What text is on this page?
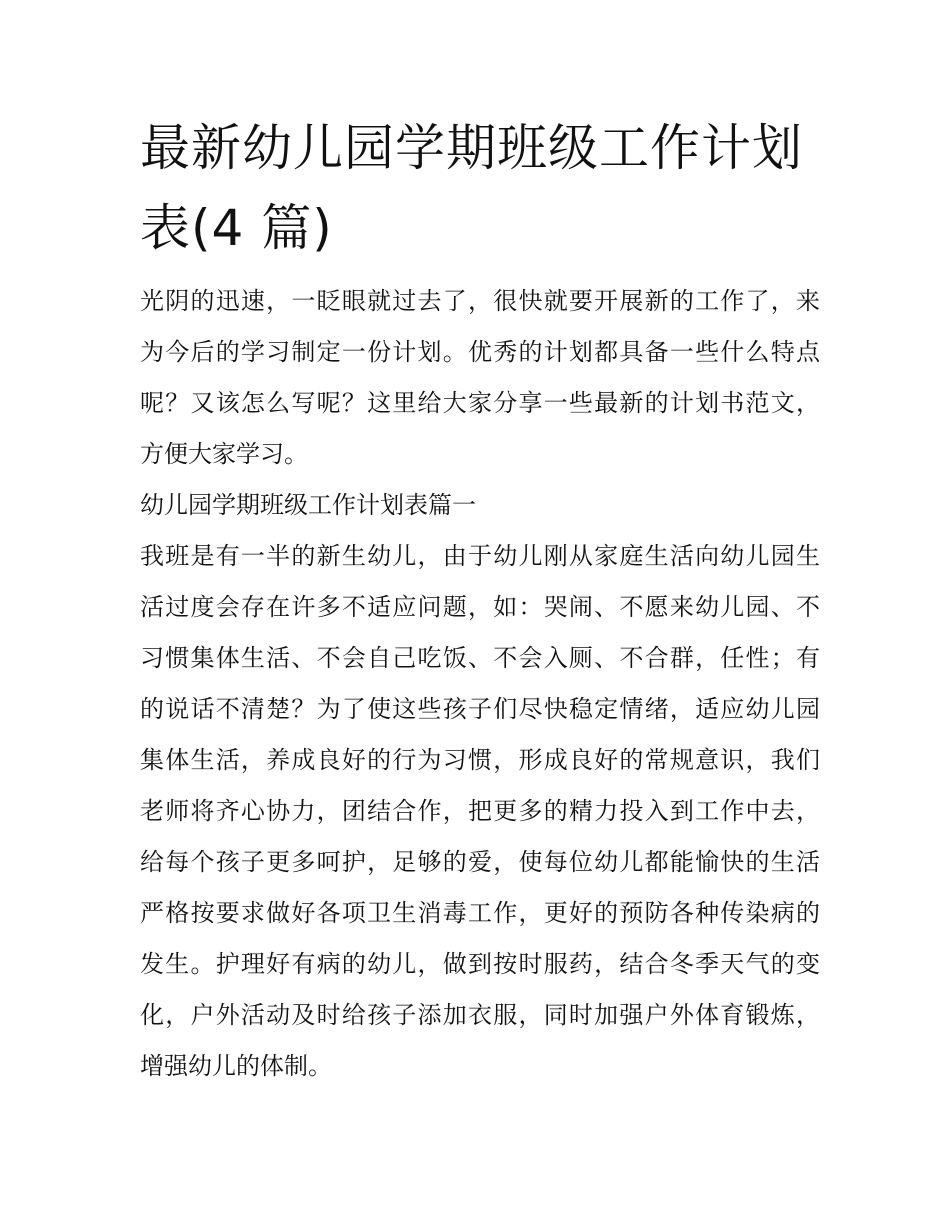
最新幼儿园学期班级工作计划
表(4 篇)
光阴的迅速，一眨眼就过去了，很快就要开展新的工作了，来
为今后的学习制定一份计划。优秀的计划都具备一些什么特点
呢？又该怎么写呢？这里给大家分享一些最新的计划书范文，
方便大家学习。
幼儿园学期班级工作计划表篇一
我班是有一半的新生幼儿，由于幼儿刚从家庭生活向幼儿园生
活过度会存在许多不适应问题，如：哭闹、不愿来幼儿园、不
习惯集体生活、不会自己吃饭、不会入厕、不合群，任性；有
的说话不清楚？为了使这些孩子们尽快稳定情绪，适应幼儿园
集体生活，养成良好的行为习惯，形成良好的常规意识，我们
老师将齐心协力，团结合作，把更多的精力投入到工作中去，
给每个孩子更多呵护，足够的爱，使每位幼儿都能愉快的生活
严格按要求做好各项卫生消毒工作，更好的预防各种传染病的
发生。护理好有病的幼儿，做到按时服药，结合冬季天气的变
化，户外活动及时给孩子添加衣服，同时加强户外体育锻炼，
增强幼儿的体制。
